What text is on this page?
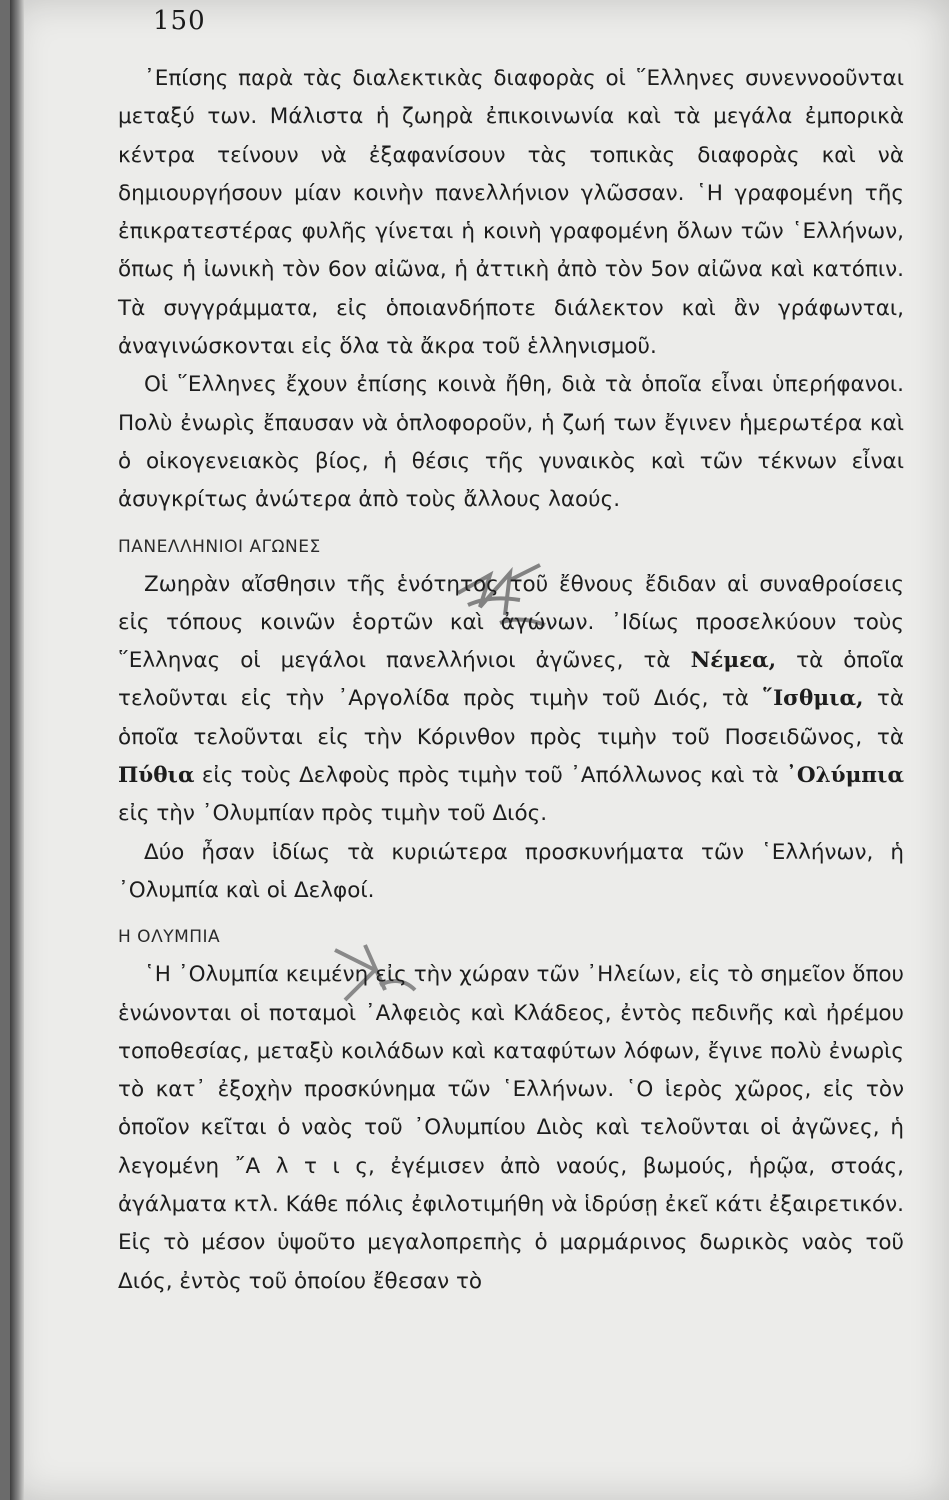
150

᾿Επίσης παρὰ τὰς διαλεκτικὰς διαφορὰς οἱ ῞Ελληνες συνεννοοῦνται μεταξύ των. Μάλιστα ἡ ζωηρὰ ἐπικοινωνία καὶ τὰ μεγάλα ἐμπορικὰ κέντρα τείνουν νὰ ἐξαφανίσουν τὰς τοπικὰς διαφορὰς καὶ νὰ δημιουργήσουν μίαν κοινὴν πανελλήνιον γλῶσσαν. ῾Η γραφομένη τῆς ἐπικρατεστέρας φυλῆς γίνεται ἡ κοινὴ γραφομένη ὅλων τῶν ῾Ελλήνων, ὅπως ἡ ἰωνικὴ τὸν 6ον αἰῶνα, ἡ ἀττικὴ ἀπὸ τὸν 5ον αἰῶνα καὶ κατόπιν. Τὰ συγγράμματα, εἰς ὁποιανδήποτε διάλεκτον καὶ ἂν γράφωνται, ἀναγινώσκονται εἰς ὅλα τὰ ἄκρα τοῦ ἑλληνισμοῦ.

Οἱ ῞Ελληνες ἔχουν ἐπίσης κοινὰ ἤθη, διὰ τὰ ὁποῖα εἶναι ὑπερήφανοι. Πολὺ ἐνωρὶς ἔπαυσαν νὰ ὁπλοφοροῦν, ἡ ζωή των ἔγινεν ἡμερωτέρα καὶ ὁ οἰκογενειακὸς βίος, ἡ θέσις τῆς γυναικὸς καὶ τῶν τέκνων εἶναι ἀσυγκρίτως ἀνώτερα ἀπὸ τοὺς ἄλλους λαούς.

ΠΑΝΕΛΛΗΝΙΟΙ ΑΓΩΝΕΣ

Ζωηρὰν αἴσθησιν τῆς ἑνότητος τοῦ ἔθνους ἔδιδαν αἱ συναθροίσεις εἰς τόπους κοινῶν ἑορτῶν καὶ ἀγώνων. ᾿Ιδίως προσελκύουν τοὺς ῞Ελληνας οἱ μεγάλοι πανελλήνιοι ἀγῶνες, τὰ Νέμεα, τὰ ὁποῖα τελοῦνται εἰς τὴν ᾿Αργολίδα πρὸς τιμὴν τοῦ Διός, τὰ ῞Ισθμια, τὰ ὁποῖα τελοῦνται εἰς τὴν Κόρινθον πρὸς τιμὴν τοῦ Ποσειδῶνος, τὰ Πύθια εἰς τοὺς Δελφοὺς πρὸς τιμὴν τοῦ ᾿Απόλλωνος καὶ τὰ ᾿Ολύμπια εἰς τὴν ᾿Ολυμπίαν πρὸς τιμὴν τοῦ Διός.

Δύο ἦσαν ἰδίως τὰ κυριώτερα προσκυνήματα τῶν ῾Ελλήνων, ἡ ᾿Ολυμπία καὶ οἱ Δελφοί.

Η ΟΛΥΜΠΙΑ

῾Η ᾿Ολυμπία κειμένη εἰς τὴν χώραν τῶν ᾿Ηλείων, εἰς τὸ σημεῖον ὅπου ἑνώνονται οἱ ποταμοὶ ᾿Αλφειὸς καὶ Κλάδεος, ἐντὸς πεδινῆς καὶ ἠρέμου τοποθεσίας, μεταξὺ κοιλάδων καὶ καταφύτων λόφων, ἔγινε πολὺ ἐνωρὶς τὸ κατ᾿ ἐξοχὴν προσκύνημα τῶν ῾Ελλήνων. ῾Ο ἱερὸς χῶρος, εἰς τὸν ὁποῖον κεῖται ὁ ναὸς τοῦ ᾿Ολυμπίου Διὸς καὶ τελοῦνται οἱ ἀγῶνες, ἡ λεγομένη ῎Α λ τ ι ς, ἐγέμισεν ἀπὸ ναούς, βωμούς, ἡρῷα, στοάς, ἀγάλματα κτλ. Κάθε πόλις ἐφιλοτιμήθη νὰ ἱδρύσῃ ἐκεῖ κάτι ἐξαιρετικόν. Εἰς τὸ μέσον ὑψοῦτο μεγαλοπρεπὴς ὁ μαρμάρινος δωρικὸς ναὸς τοῦ Διός, ἐντὸς τοῦ ὁποίου ἔθεσαν τὸ
